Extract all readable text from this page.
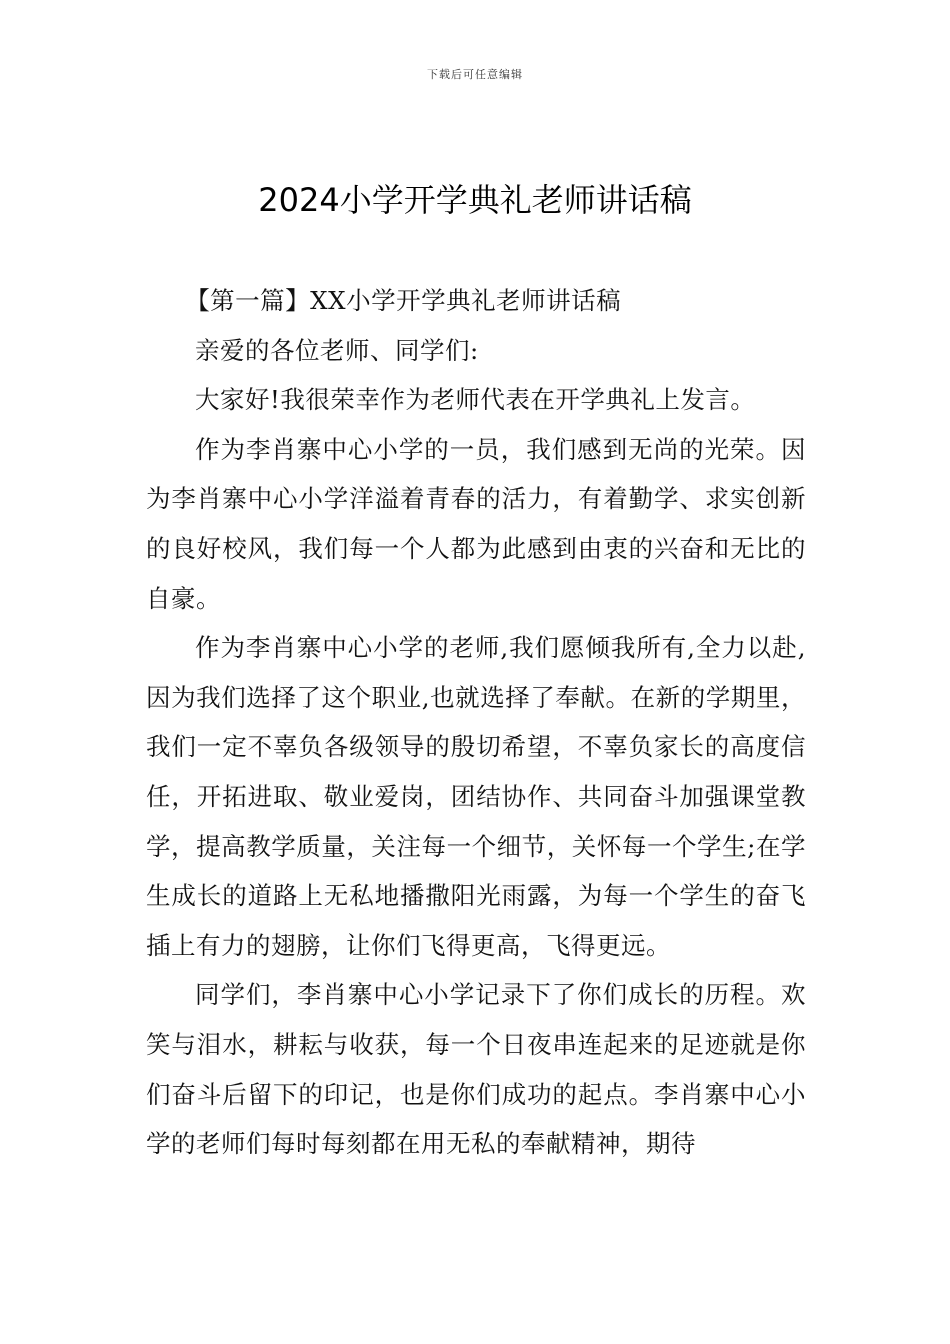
下载后可任意编辑
2024小学开学典礼老师讲话稿

【第一篇】XX小学开学典礼老师讲话稿

亲爱的各位老师、同学们:

大家好!我很荣幸作为老师代表在开学典礼上发言。

作为李肖寨中心小学的一员，我们感到无尚的光荣。因为李肖寨中心小学洋溢着青春的活力，有着勤学、求实创新的良好校风，我们每一个人都为此感到由衷的兴奋和无比的自豪。

作为李肖寨中心小学的老师,我们愿倾我所有,全力以赴,因为我们选择了这个职业,也就选择了奉献。在新的学期里，我们一定不辜负各级领导的殷切希望，不辜负家长的高度信任，开拓进取、敬业爱岗，团结协作、共同奋斗加强课堂教学，提高教学质量，关注每一个细节，关怀每一个学生;在学生成长的道路上无私地播撒阳光雨露，为每一个学生的奋飞插上有力的翅膀，让你们飞得更高，飞得更远。

同学们，李肖寨中心小学记录下了你们成长的历程。欢笑与泪水，耕耘与收获，每一个日夜串连起来的足迹就是你们奋斗后留下的印记，也是你们成功的起点。李肖寨中心小学的老师们每时每刻都在用无私的奉献精神，期待
